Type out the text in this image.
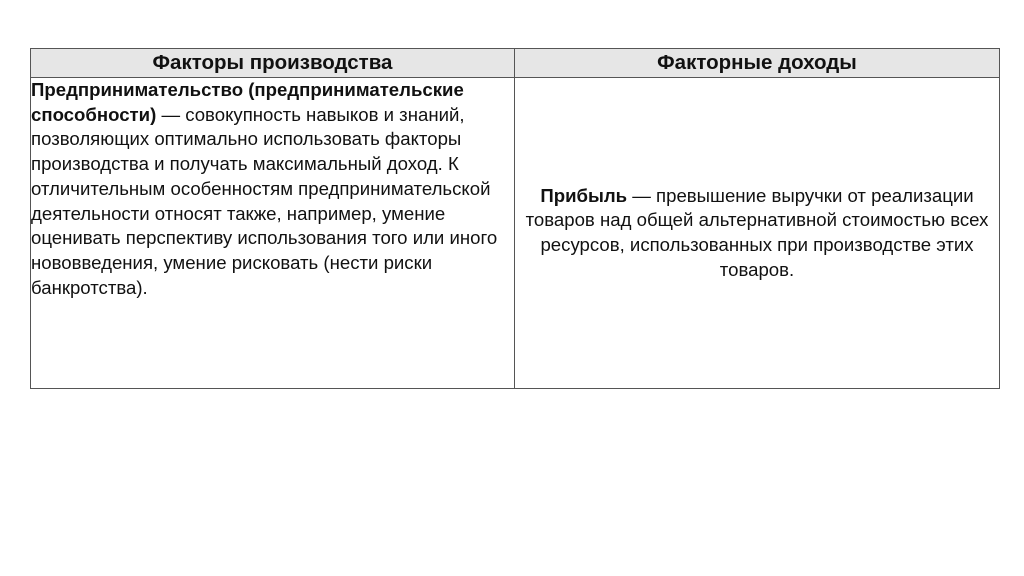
Факторы производства	Факторные доходы
Предпринимательство (предпринимательские способности) — совокупность навыков и знаний, позволяющих оптимально использовать факторы производства и получать максимальный доход. К отличительным особенностям предпринимательской деятельности относят также, например, умение оценивать перспективу использования того или иного нововведения, умение рисковать (нести риски банкротства).	Прибыль — превышение выручки от реализации товаров над общей альтернативной стоимостью всех ресурсов, использованных при производстве этих товаров.
